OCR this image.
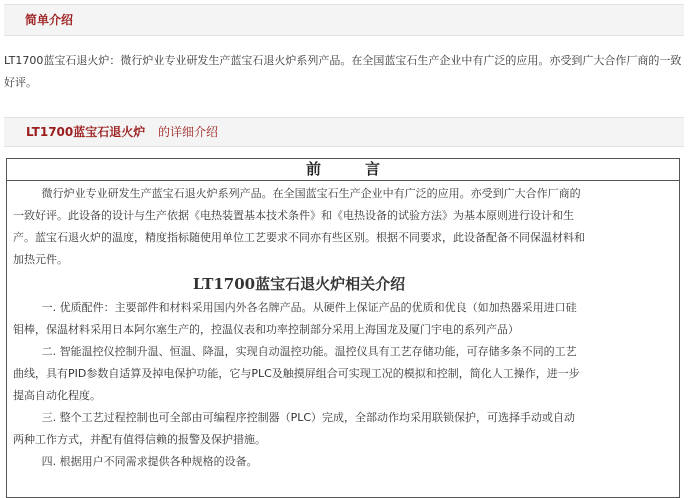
简单介绍
LT1700蓝宝石退火炉：微行炉业专业研发生产蓝宝石退火炉系列产品。在全国蓝宝石生产企业中有广泛的应用。亦受到广大合作厂商的一致好评。
LT1700蓝宝石退火炉 的详细介绍
前言

微行炉业专业研发生产蓝宝石退火炉系列产品。在全国蓝宝石生产企业中有广泛的应用。亦受到广大合作厂商的一致好评。此设备的设计与生产依据《电热装置基本技术条件》和《电热设备的试验方法》为基本原则进行设计和生产。蓝宝石退火炉的温度，精度指标随使用单位工艺要求不同亦有些区别。根据不同要求，此设备配备不同保温材料和加热元件。

LT1700蓝宝石退火炉相关介绍

一. 优质配件：主要部件和材料采用国内外各名牌产品。从硬件上保证产品的优质和优良（如加热器采用进口硅钼棒，保温材料采用日本阿尔塞生产的，控温仪表和功率控制部分采用上海国龙及厦门宇电的系列产品）

二. 智能温控仪控制升温、恒温、降温，实现自动温控功能。温控仪具有工艺存储功能，可存储多条不同的工艺曲线，具有PID参数自适算及掉电保护功能，它与PLC及触摸屏组合可实现工况的模拟和控制，简化人工操作，进一步提高自动化程度。

三. 整个工艺过程控制也可全部由可编程序控制器（PLC）完成，全部动作均采用联锁保护，可选择手动或自动两种工作方式，并配有值得信赖的报警及保护措施。

四. 根据用户不同需求提供各种规格的设备。
